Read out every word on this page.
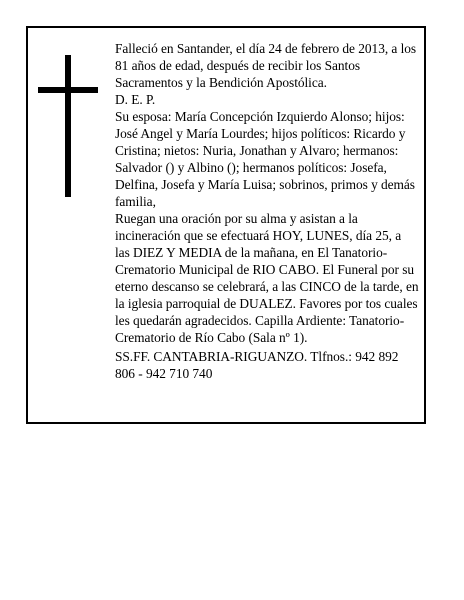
Falleció en Santander, el día 24 de febrero de 2013, a los 81 años de edad, después de recibir los Santos Sacramentos y la Bendición Apostólica.

D. E. P.

Su esposa: María Concepción Izquierdo Alonso; hijos: José Angel y María Lourdes; hijos políticos: Ricardo y Cristina; nietos: Nuria, Jonathan y Alvaro; hermanos: Salvador () y Albino (); hermanos políticos: Josefa, Delfina, Josefa y María Luisa; sobrinos, primos y demás familia,

Ruegan una oración por su alma y asistan a la incineración que se efectuará HOY, LUNES, día 25, a las DIEZ Y MEDIA de la mañana, en El Tanatorio-Crematorio Municipal de RIO CABO. El Funeral por su eterno descanso se celebrará, a las CINCO de la tarde, en la iglesia parroquial de DUALEZ. Favores por tos cuales les quedarán agradecidos. Capilla Ardiente: Tanatorio-Crematorio de Río Cabo (Sala nº 1).

SS.FF. CANTABRIA-RIGUANZO. Tlfnos.: 942 892 806 - 942 710 740
